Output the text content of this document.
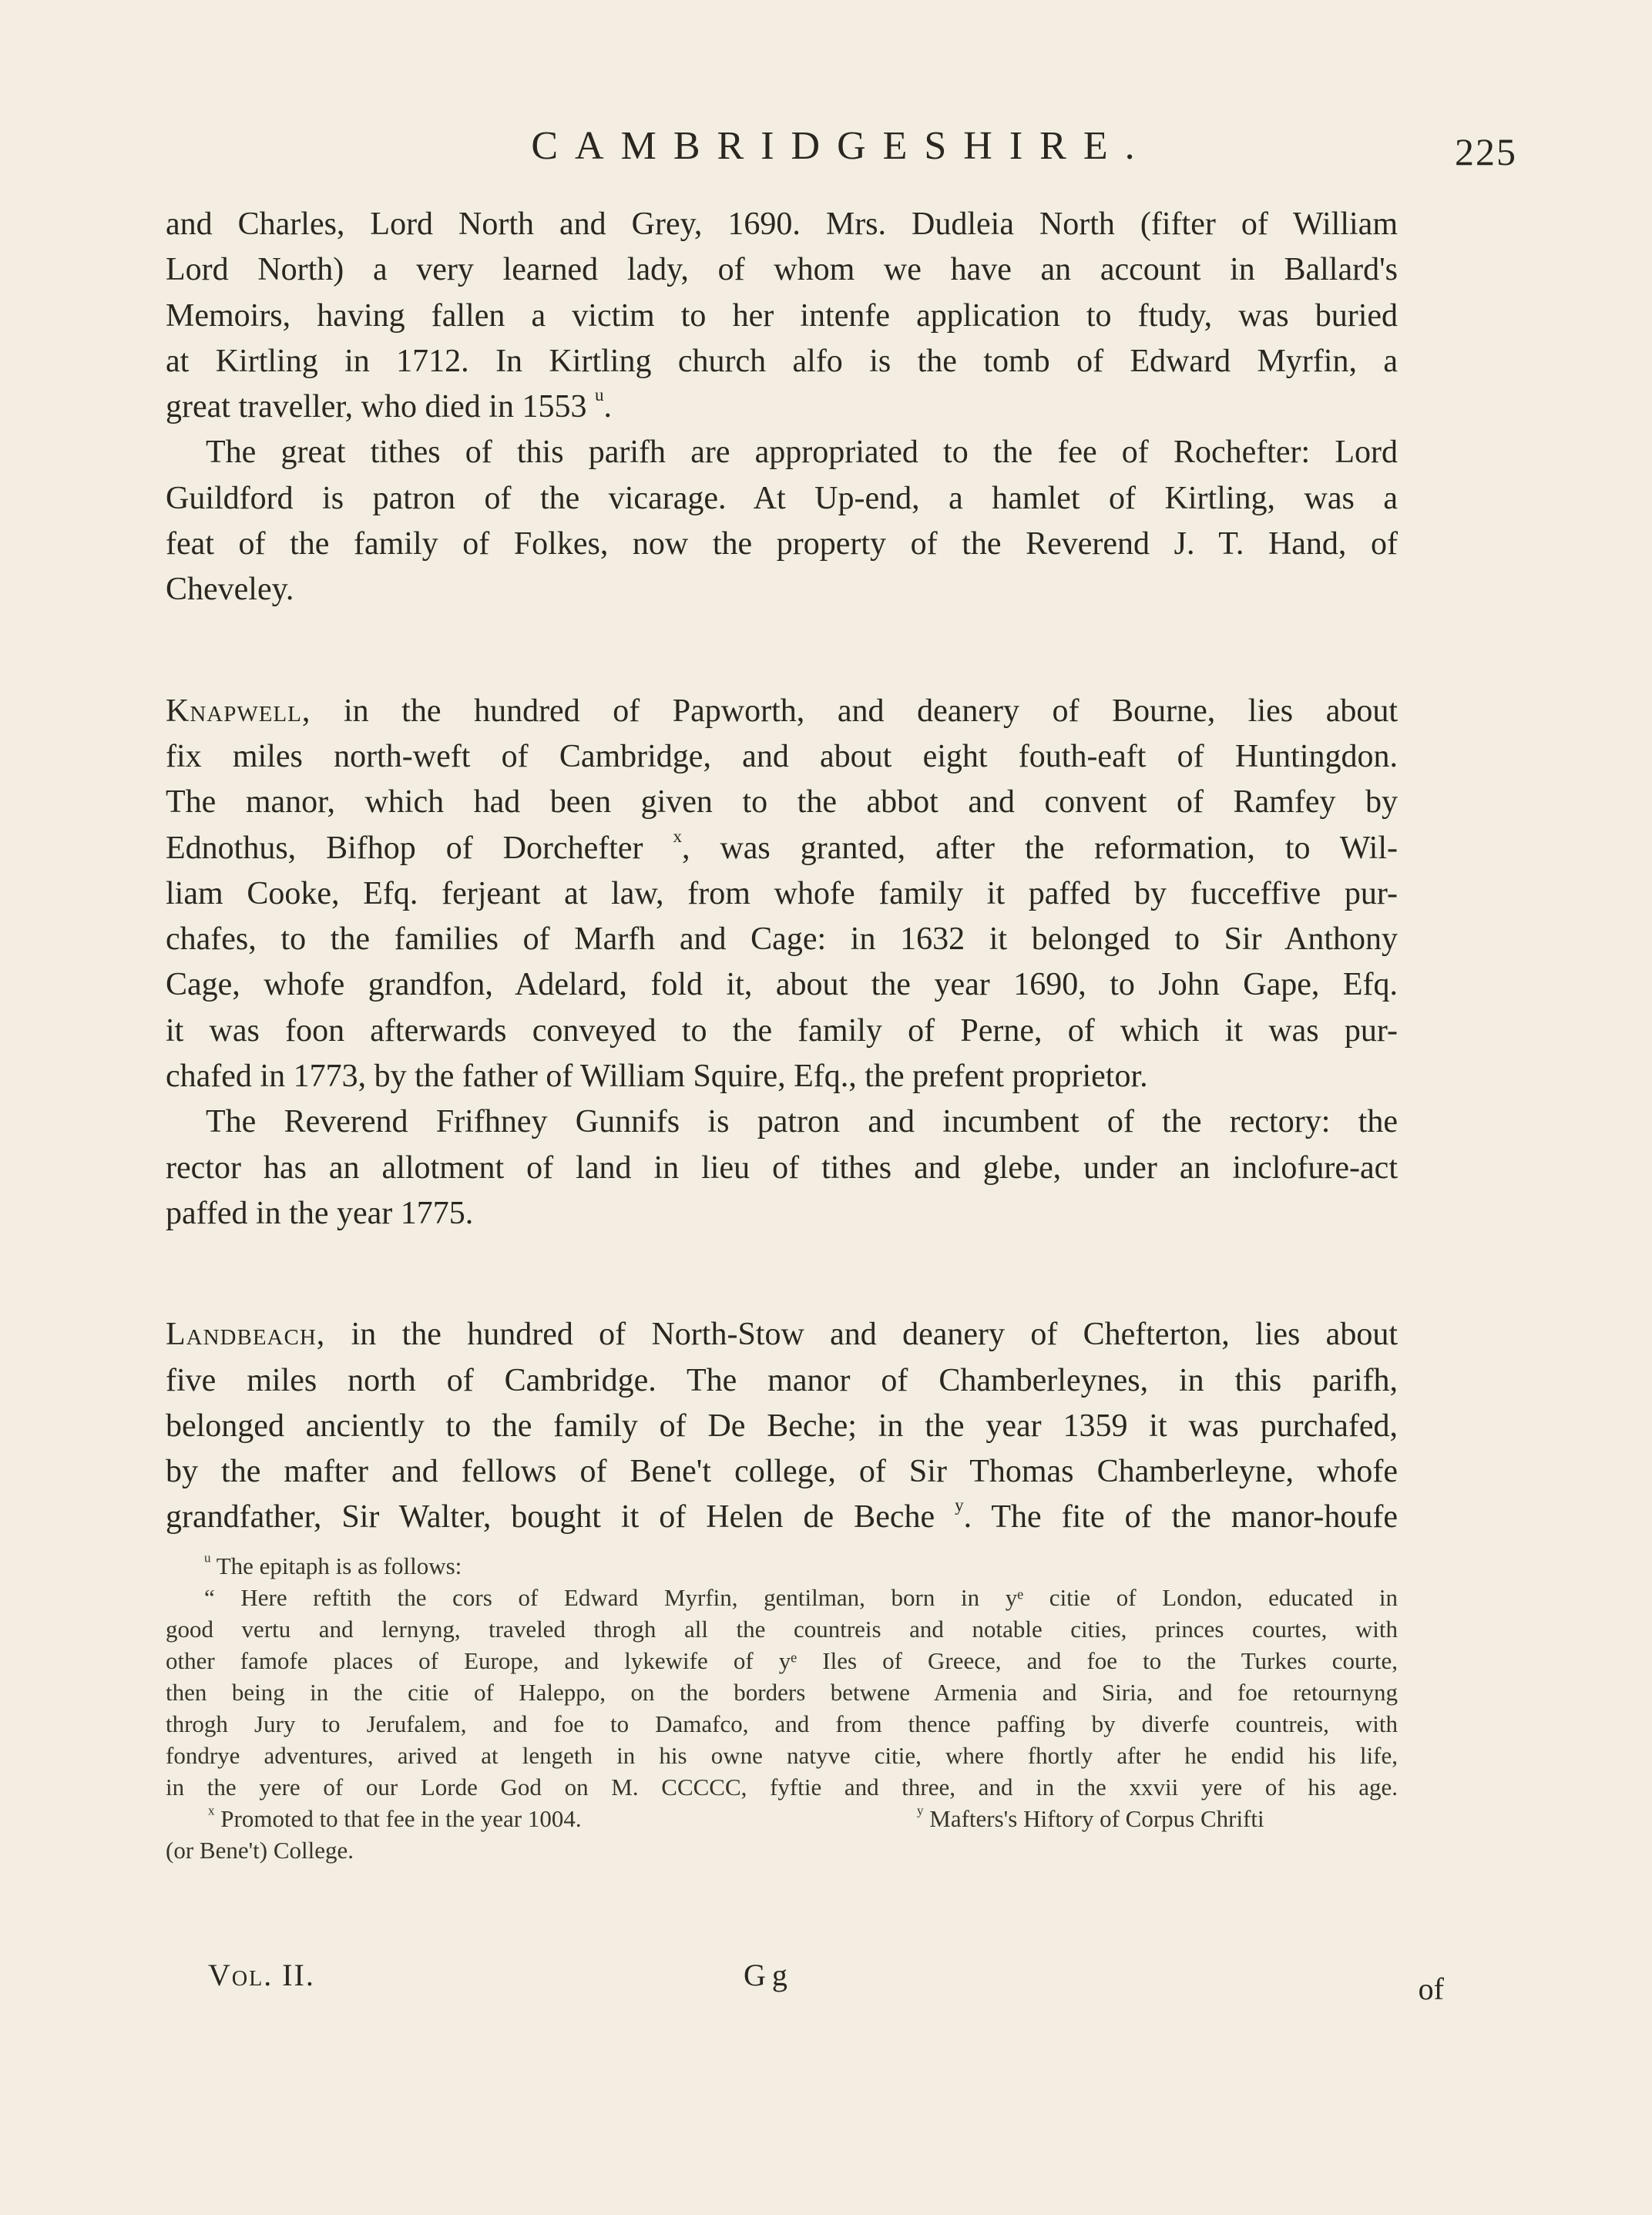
CAMBRIDGESHIRE.	225
and Charles, Lord North and Grey, 1690. Mrs. Dudleia North (fifter of William
Lord North) a very learned lady, of whom we have an account in Ballard's
Memoirs, having fallen a victim to her intenfe application to ftudy, was buried
at Kirtling in 1712. In Kirtling church alfo is the tomb of Edward Myrfin, a
great traveller, who died in 1553 $^u$.
The great tithes of this parifh are appropriated to the fee of Rochefter: Lord
Guildford is patron of the vicarage. At Up-end, a hamlet of Kirtling, was a
feat of the family of Folkes, now the property of the Reverend J. T. Hand, of
Cheveley.
Knapwell, in the hundred of Papworth, and deanery of Bourne, lies about
fix miles north-weft of Cambridge, and about eight fouth-eaft of Huntingdon.
The manor, which had been given to the abbot and convent of Ramfey by
Ednothus, Bifhop of Dorchefter $^x$, was granted, after the reformation, to Wil-
liam Cooke, Efq. ferjeant at law, from whofe family it paffed by fucceffive pur-
chafes, to the families of Marfh and Cage: in 1632 it belonged to Sir Anthony
Cage, whofe grandfon, Adelard, fold it, about the year 1690, to John Gape, Efq.
it was foon afterwards conveyed to the family of Perne, of which it was pur-
chafed in 1773, by the father of William Squire, Efq., the prefent proprietor.
The Reverend Frifhney Gunnifs is patron and incumbent of the rectory: the
rector has an allotment of land in lieu of tithes and glebe, under an inclofure-act
paffed in the year 1775.
Landbeach, in the hundred of North-Stow and deanery of Chefterton, lies about
five miles north of Cambridge. The manor of Chamberleynes, in this parifh,
belonged anciently to the family of De Beche; in the year 1359 it was purchafed,
by the mafter and fellows of Bene't college, of Sir Thomas Chamberleyne, whofe
grandfather, Sir Walter, bought it of Helen de Beche $^y$. The fite of the manor-houfe
$^u$ The epitaph is as follows:
“ Here reftith the cors of Edward Myrfin, gentilman, born in yᵉ citie of London, educated in
good vertu and lernyng, traveled throgh all the countreis and notable cities, princes courtes, with
other famofe places of Europe, and lykewife of yᵉ Iles of Greece, and foe to the Turkes courte,
then being in the citie of Haleppo, on the borders betwene Armenia and Siria, and foe retournyng
throgh Jury to Jerufalem, and foe to Damafco, and from thence paffing by diverfe countreis, with
fondrye adventures, arived at lengeth in his owne natyve citie, where fhortly after he endid his life,
in the yere of our Lorde God on M. CCCCC, fyftie and three, and in the xxvii yere of his age.
$^x$ Promoted to that fee in the year 1004.	$^y$ Mafters's Hiftory of Corpus Chrifti
(or Bene't) College.
Vol. II.	Gg	of
